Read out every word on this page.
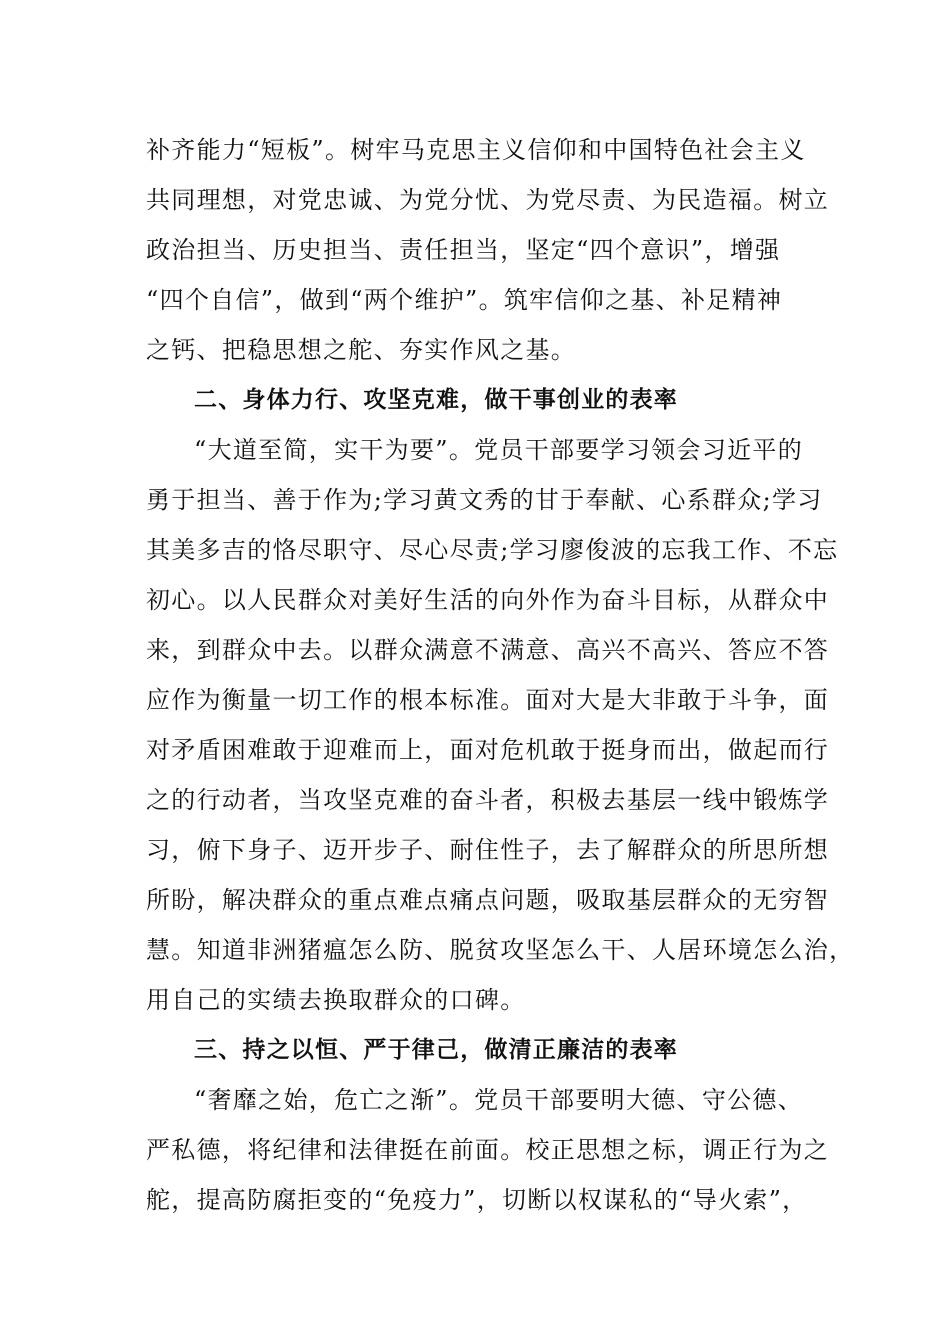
补齐能力“短板”。树牢马克思主义信仰和中国特色社会主义
共同理想，对党忠诚、为党分忧、为党尽责、为民造福。树立
政治担当、历史担当、责任担当，坚定“四个意识”，增强
“四个自信”，做到“两个维护”。筑牢信仰之基、补足精神
之钙、把稳思想之舵、夯实作风之基。
二、身体力行、攻坚克难，做干事创业的表率
“大道至简，实干为要”。党员干部要学习领会习近平的
勇于担当、善于作为;学习黄文秀的甘于奉献、心系群众;学习
其美多吉的恪尽职守、尽心尽责;学习廖俊波的忘我工作、不忘
初心。以人民群众对美好生活的向外作为奋斗目标，从群众中
来，到群众中去。以群众满意不满意、高兴不高兴、答应不答
应作为衡量一切工作的根本标准。面对大是大非敢于斗争，面
对矛盾困难敢于迎难而上，面对危机敢于挺身而出，做起而行
之的行动者，当攻坚克难的奋斗者，积极去基层一线中锻炼学
习，俯下身子、迈开步子、耐住性子，去了解群众的所思所想
所盼，解决群众的重点难点痛点问题，吸取基层群众的无穷智
慧。知道非洲猪瘟怎么防、脱贫攻坚怎么干、人居环境怎么治，
用自己的实绩去换取群众的口碑。
三、持之以恒、严于律己，做清正廉洁的表率
“奢靡之始，危亡之渐”。党员干部要明大德、守公德、
严私德，将纪律和法律挺在前面。校正思想之标，调正行为之
舵，提高防腐拒变的“免疫力”，切断以权谋私的“导火索”，
